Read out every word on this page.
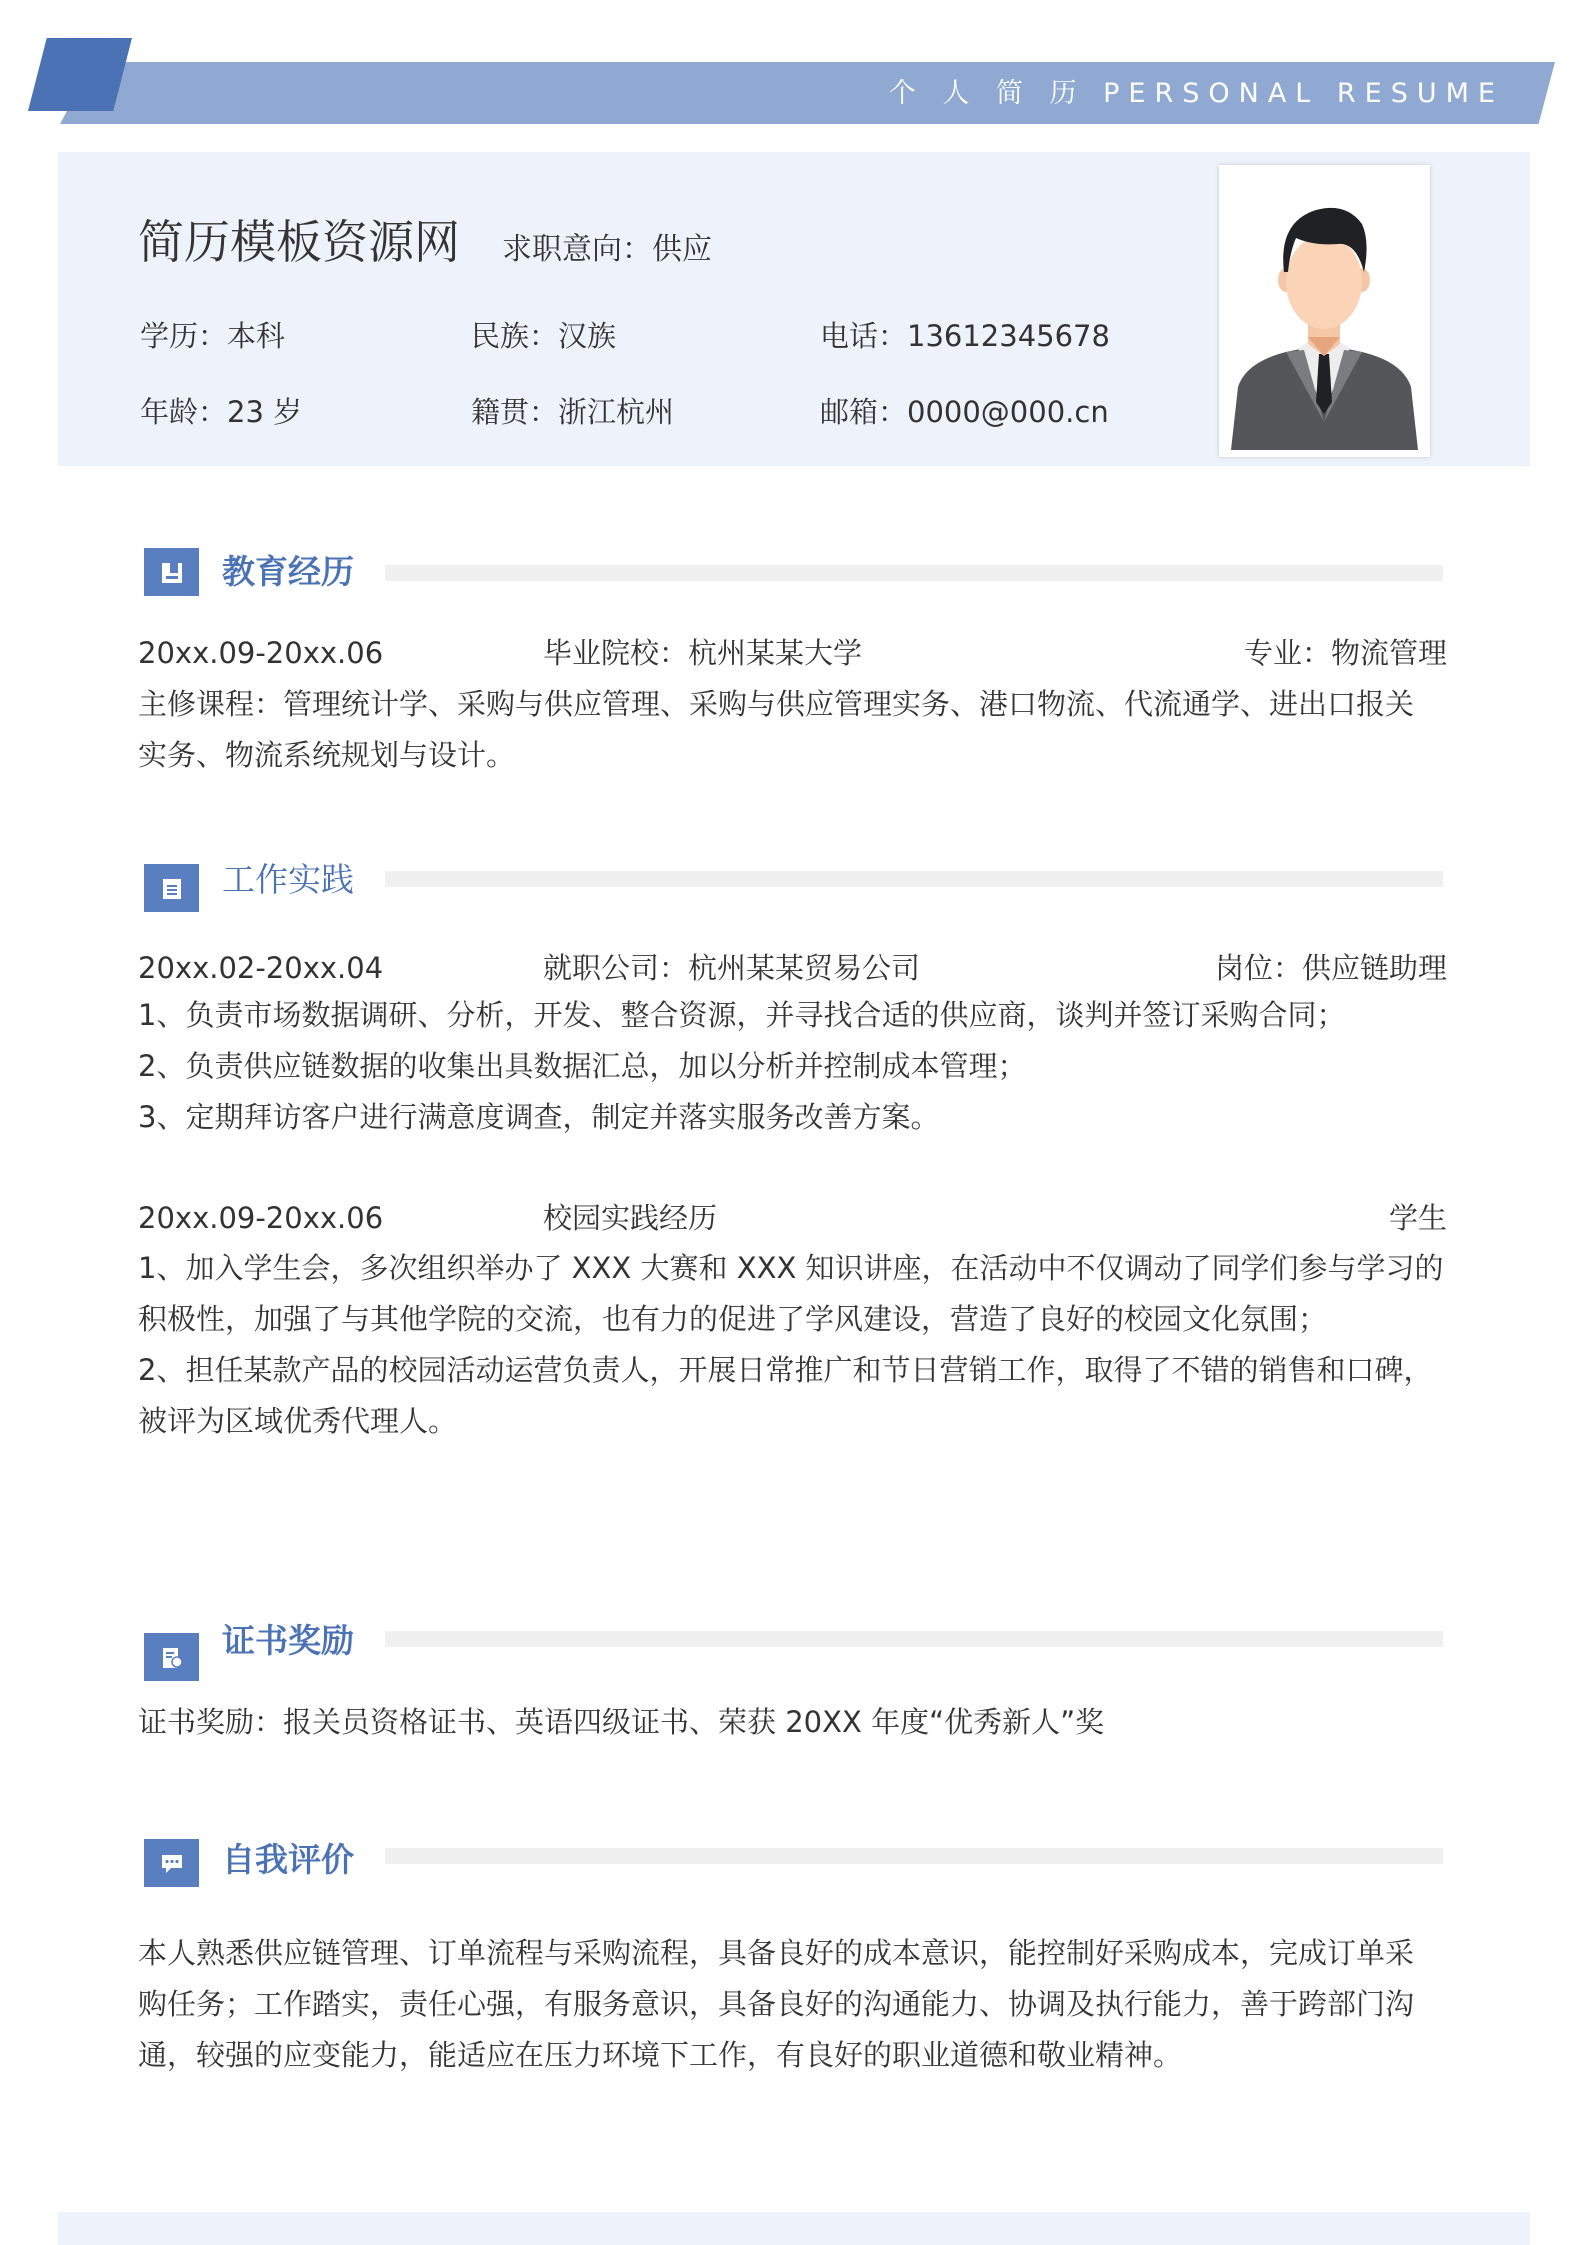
个 人 简 历 PERSONAL RESUME
简历模板资源网 求职意向：供应
学历：本科	民族：汉族	电话：13612345678
年龄：23 岁	籍贯：浙江杭州	邮箱：0000@000.cn
教育经历
20xx.09-20xx.06	毕业院校：杭州某某大学	专业：物流管理
主修课程：管理统计学、采购与供应管理、采购与供应管理实务、港口物流、代流通学、进出口报关
实务、物流系统规划与设计。
工作实践
20xx.02-20xx.04	就职公司：杭州某某贸易公司	岗位：供应链助理
1、负责市场数据调研、分析，开发、整合资源，并寻找合适的供应商，谈判并签订采购合同；
2、负责供应链数据的收集出具数据汇总，加以分析并控制成本管理；
3、定期拜访客户进行满意度调查，制定并落实服务改善方案。
20xx.09-20xx.06	校园实践经历	学生
1、加入学生会，多次组织举办了 XXX 大赛和 XXX 知识讲座，在活动中不仅调动了同学们参与学习的
积极性，加强了与其他学院的交流，也有力的促进了学风建设，营造了良好的校园文化氛围；
2、担任某款产品的校园活动运营负责人，开展日常推广和节日营销工作，取得了不错的销售和口碑，
被评为区域优秀代理人。
证书奖励
证书奖励：报关员资格证书、英语四级证书、荣获 20XX 年度“优秀新人”奖
自我评价
本人熟悉供应链管理、订单流程与采购流程，具备良好的成本意识，能控制好采购成本，完成订单采
购任务；工作踏实，责任心强，有服务意识，具备良好的沟通能力、协调及执行能力，善于跨部门沟
通，较强的应变能力，能适应在压力环境下工作，有良好的职业道德和敬业精神。
